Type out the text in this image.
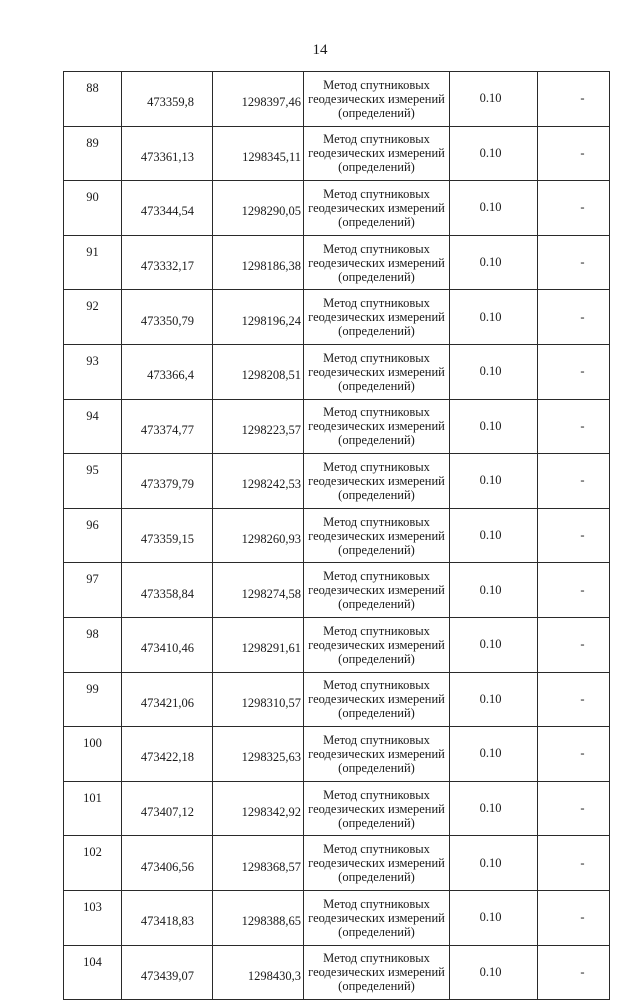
14
88	473359,8	1298397,46	Метод спутниковых
геодезических измерений
(определений)	0.10	-
89	473361,13	1298345,11	Метод спутниковых
геодезических измерений
(определений)	0.10	-
90	473344,54	1298290,05	Метод спутниковых
геодезических измерений
(определений)	0.10	-
91	473332,17	1298186,38	Метод спутниковых
геодезических измерений
(определений)	0.10	-
92	473350,79	1298196,24	Метод спутниковых
геодезических измерений
(определений)	0.10	-
93	473366,4	1298208,51	Метод спутниковых
геодезических измерений
(определений)	0.10	-
94	473374,77	1298223,57	Метод спутниковых
геодезических измерений
(определений)	0.10	-
95	473379,79	1298242,53	Метод спутниковых
геодезических измерений
(определений)	0.10	-
96	473359,15	1298260,93	Метод спутниковых
геодезических измерений
(определений)	0.10	-
97	473358,84	1298274,58	Метод спутниковых
геодезических измерений
(определений)	0.10	-
98	473410,46	1298291,61	Метод спутниковых
геодезических измерений
(определений)	0.10	-
99	473421,06	1298310,57	Метод спутниковых
геодезических измерений
(определений)	0.10	-
100	473422,18	1298325,63	Метод спутниковых
геодезических измерений
(определений)	0.10	-
101	473407,12	1298342,92	Метод спутниковых
геодезических измерений
(определений)	0.10	-
102	473406,56	1298368,57	Метод спутниковых
геодезических измерений
(определений)	0.10	-
103	473418,83	1298388,65	Метод спутниковых
геодезических измерений
(определений)	0.10	-
104	473439,07	1298430,3	Метод спутниковых
геодезических измерений
(определений)	0.10	-
